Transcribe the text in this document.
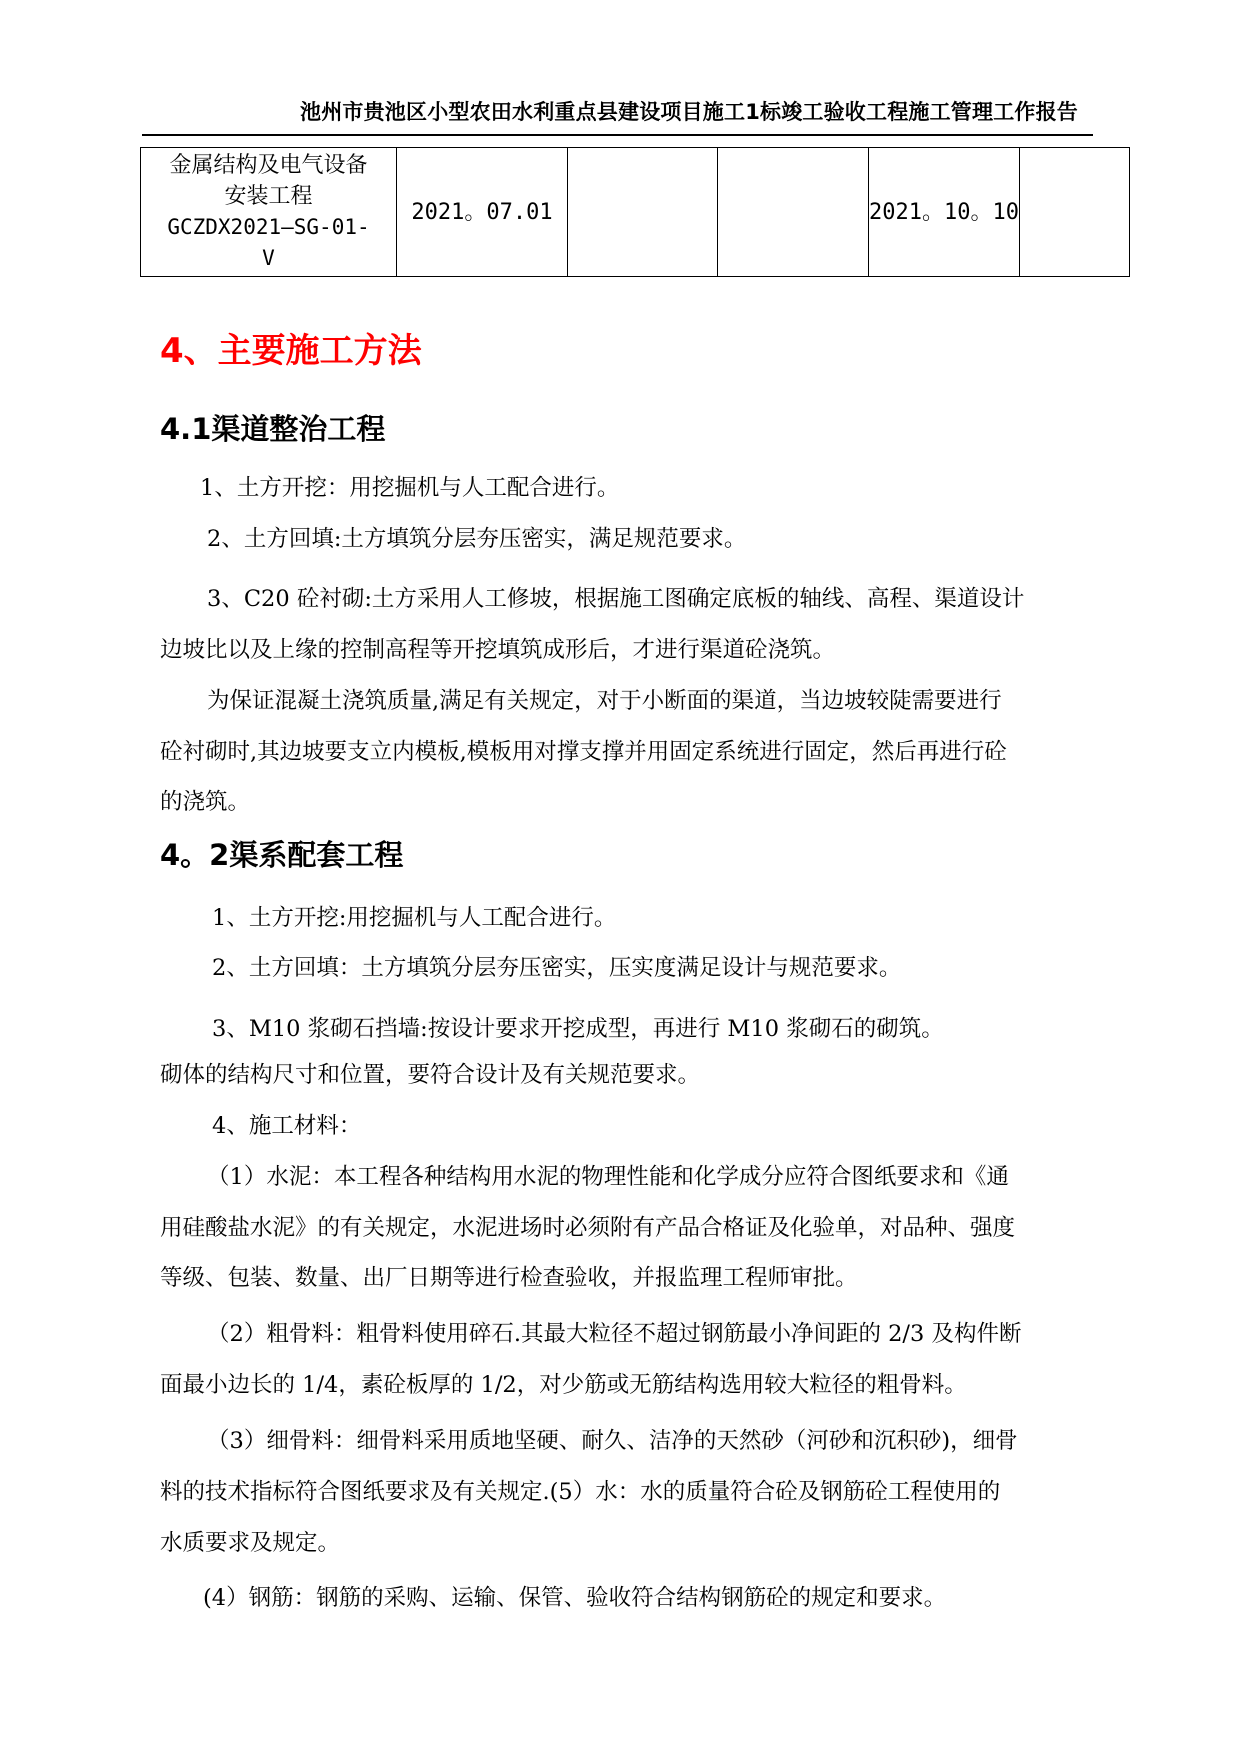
池州市贵池区小型农田水利重点县建设项目施工1标竣工验收工程施工管理工作报告
金属结构及电气设备
安装工程
GCZDX2021—SG-01-
V
	2021。07.01			2021。10。10	
4、主要施工方法
4.1渠道整治工程
1、土方开挖：用挖掘机与人工配合进行。
2、土方回填:土方填筑分层夯压密实，满足规范要求。
3、C20 砼衬砌:土方采用人工修坡，根据施工图确定底板的轴线、高程、渠道设计
边坡比以及上缘的控制高程等开挖填筑成形后，才进行渠道砼浇筑。
为保证混凝土浇筑质量,满足有关规定，对于小断面的渠道，当边坡较陡需要进行
砼衬砌时,其边坡要支立内模板,模板用对撑支撑并用固定系统进行固定，然后再进行砼
的浇筑。
4。2渠系配套工程
1、土方开挖:用挖掘机与人工配合进行。
2、土方回填：土方填筑分层夯压密实，压实度满足设计与规范要求。
3、M10 浆砌石挡墙:按设计要求开挖成型，再进行 M10 浆砌石的砌筑。
砌体的结构尺寸和位置，要符合设计及有关规范要求。
4、施工材料：
（1）水泥：本工程各种结构用水泥的物理性能和化学成分应符合图纸要求和《通
用硅酸盐水泥》的有关规定，水泥进场时必须附有产品合格证及化验单，对品种、强度
等级、包装、数量、出厂日期等进行检查验收，并报监理工程师审批。
（2）粗骨料：粗骨料使用碎石.其最大粒径不超过钢筋最小净间距的 2/3 及构件断
面最小边长的 1/4，素砼板厚的 1/2，对少筋或无筋结构选用较大粒径的粗骨料。
（3）细骨料：细骨料采用质地坚硬、耐久、洁净的天然砂（河砂和沉积砂)，细骨
料的技术指标符合图纸要求及有关规定.(5）水：水的质量符合砼及钢筋砼工程使用的
水质要求及规定。
(4）钢筋：钢筋的采购、运输、保管、验收符合结构钢筋砼的规定和要求。
